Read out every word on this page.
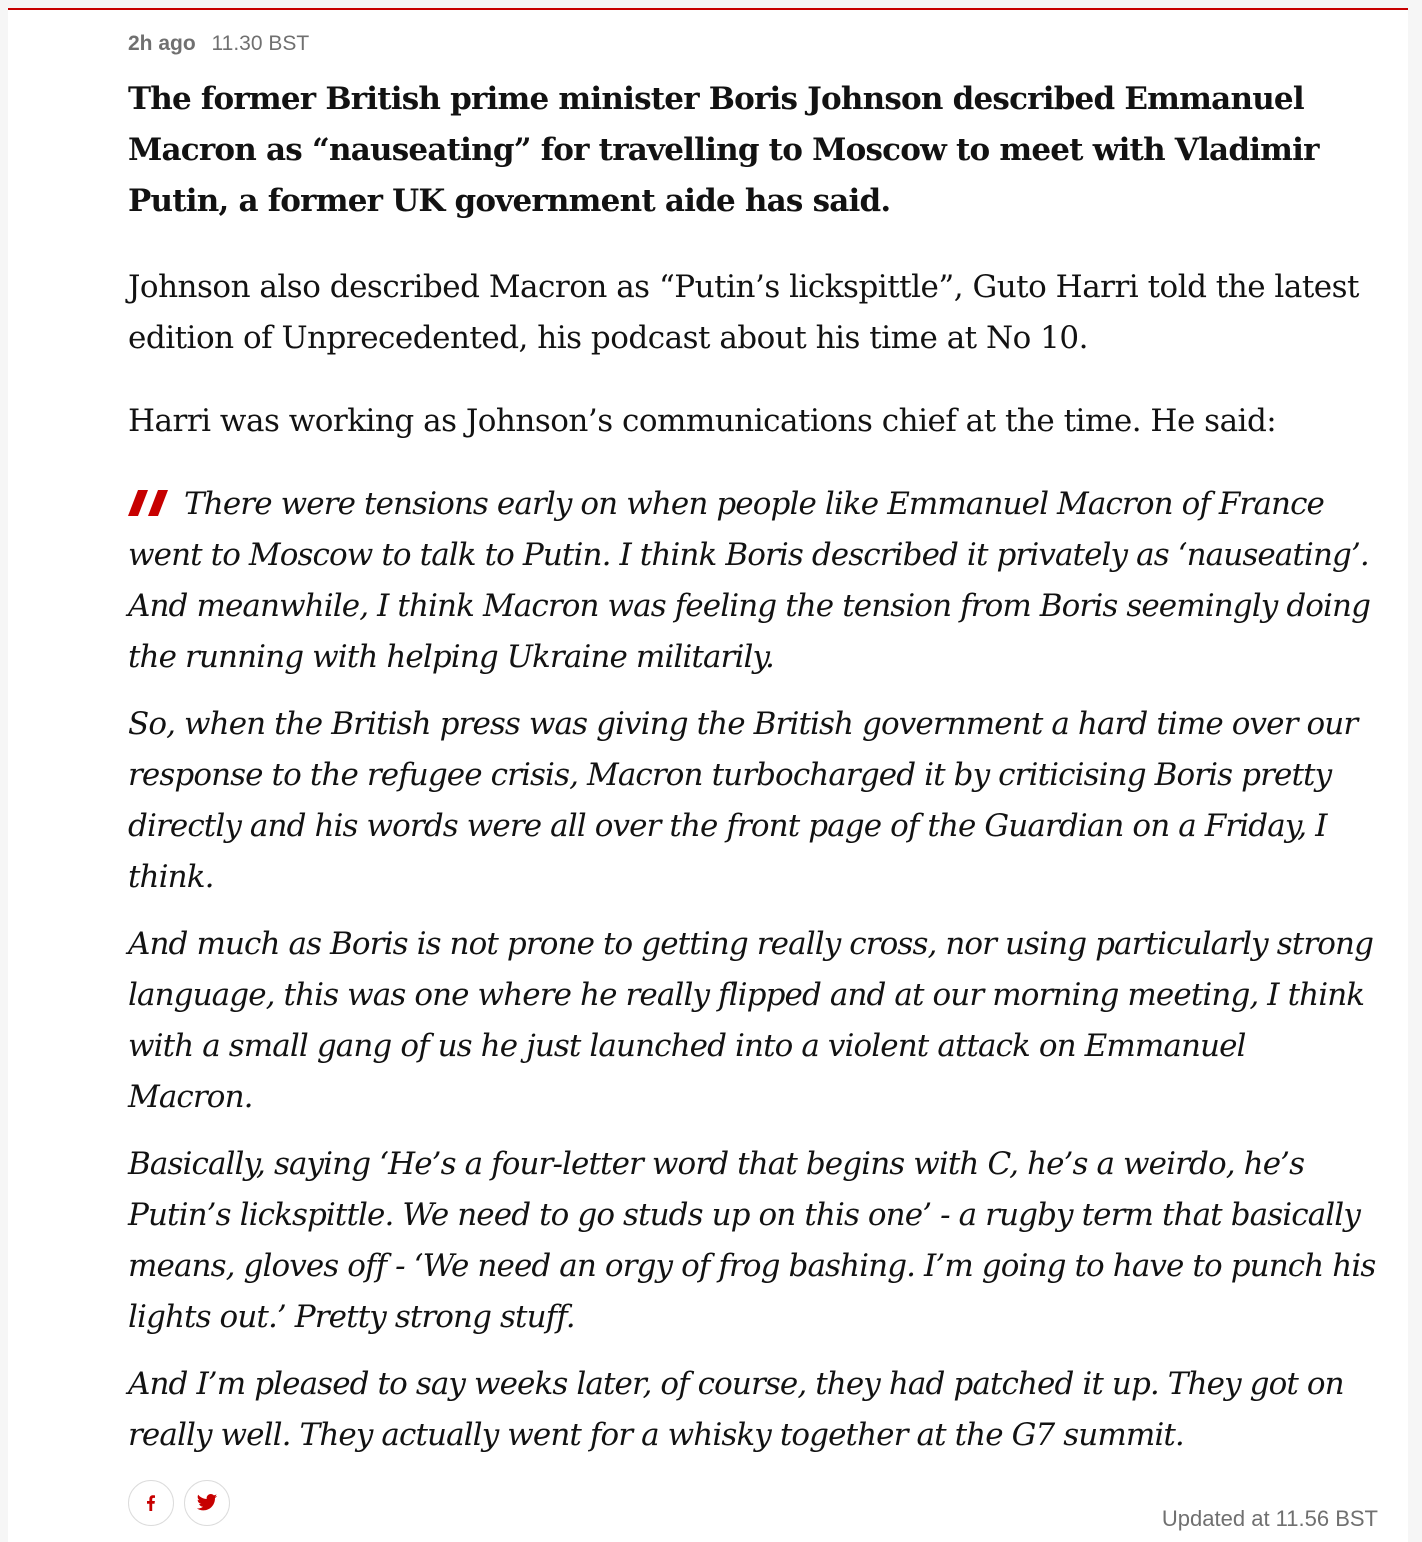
2h ago 11.30 BST

The former British prime minister Boris Johnson described Emmanuel Macron as “nauseating” for travelling to Moscow to meet with Vladimir Putin, a former UK government aide has said.

Johnson also described Macron as “Putin’s lickspittle”, Guto Harri told the latest edition of Unprecedented, his podcast about his time at No 10.

Harri was working as Johnson’s communications chief at the time. He said:

There were tensions early on when people like Emmanuel Macron of France went to Moscow to talk to Putin. I think Boris described it privately as ‘nauseating’. And meanwhile, I think Macron was feeling the tension from Boris seemingly doing the running with helping Ukraine militarily.

So, when the British press was giving the British government a hard time over our response to the refugee crisis, Macron turbocharged it by criticising Boris pretty directly and his words were all over the front page of the Guardian on a Friday, I think.

And much as Boris is not prone to getting really cross, nor using particularly strong language, this was one where he really flipped and at our morning meeting, I think with a small gang of us he just launched into a violent attack on Emmanuel Macron.

Basically, saying ‘He’s a four-letter word that begins with C, he’s a weirdo, he’s Putin’s lickspittle. We need to go studs up on this one’ - a rugby term that basically means, gloves off - ‘We need an orgy of frog bashing. I’m going to have to punch his lights out.’ Pretty strong stuff.

And I’m pleased to say weeks later, of course, they had patched it up. They got on really well. They actually went for a whisky together at the G7 summit.

Updated at 11.56 BST
